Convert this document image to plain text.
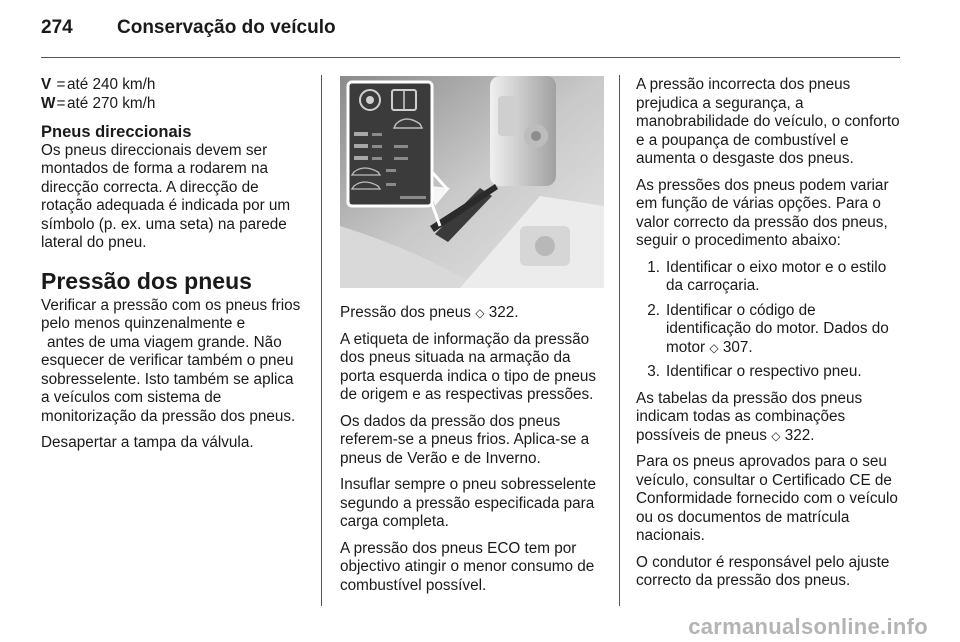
274	Conservação do veículo
V = até 240 km/h
W = até 270 km/h
Pneus direccionais

Os pneus direccionais devem ser montados de forma a rodarem na direcção correcta. A direcção de rotação adequada é indicada por um símbolo (p. ex. uma seta) na parede lateral do pneu.

Pressão dos pneus

Verificar a pressão com os pneus frios pelo menos quinzenalmente e
antes de uma viagem grande. Não esquecer de verificar também o pneu sobresselente. Isto também se aplica a veículos com sistema de monitorização da pressão dos pneus.

Desapertar a tampa da válvula.

Pressão dos pneus ◇ 322.

A etiqueta de informação da pressão dos pneus situada na armação da porta esquerda indica o tipo de pneus de origem e as respectivas pressões.

Os dados da pressão dos pneus referem-se a pneus frios. Aplica-se a pneus de Verão e de Inverno.

Insuflar sempre o pneu sobresselente segundo a pressão especificada para carga completa.

A pressão dos pneus ECO tem por objectivo atingir o menor consumo de combustível possível.

A pressão incorrecta dos pneus prejudica a segurança, a manobrabilidade do veículo, o conforto e a poupança de combustível e aumenta o desgaste dos pneus.

As pressões dos pneus podem variar em função de várias opções. Para o valor correcto da pressão dos pneus, seguir o procedimento abaixo:

1. Identificar o eixo motor e o estilo da carroçaria.
2. Identificar o código de identificação do motor. Dados do motor ◇ 307.
3. Identificar o respectivo pneu.

As tabelas da pressão dos pneus indicam todas as combinações possíveis de pneus ◇ 322.

Para os pneus aprovados para o seu veículo, consultar o Certificado CE de Conformidade fornecido com o veículo ou os documentos de matrícula nacionais.

O condutor é responsável pelo ajuste correcto da pressão dos pneus.

carmanualsonline.info
